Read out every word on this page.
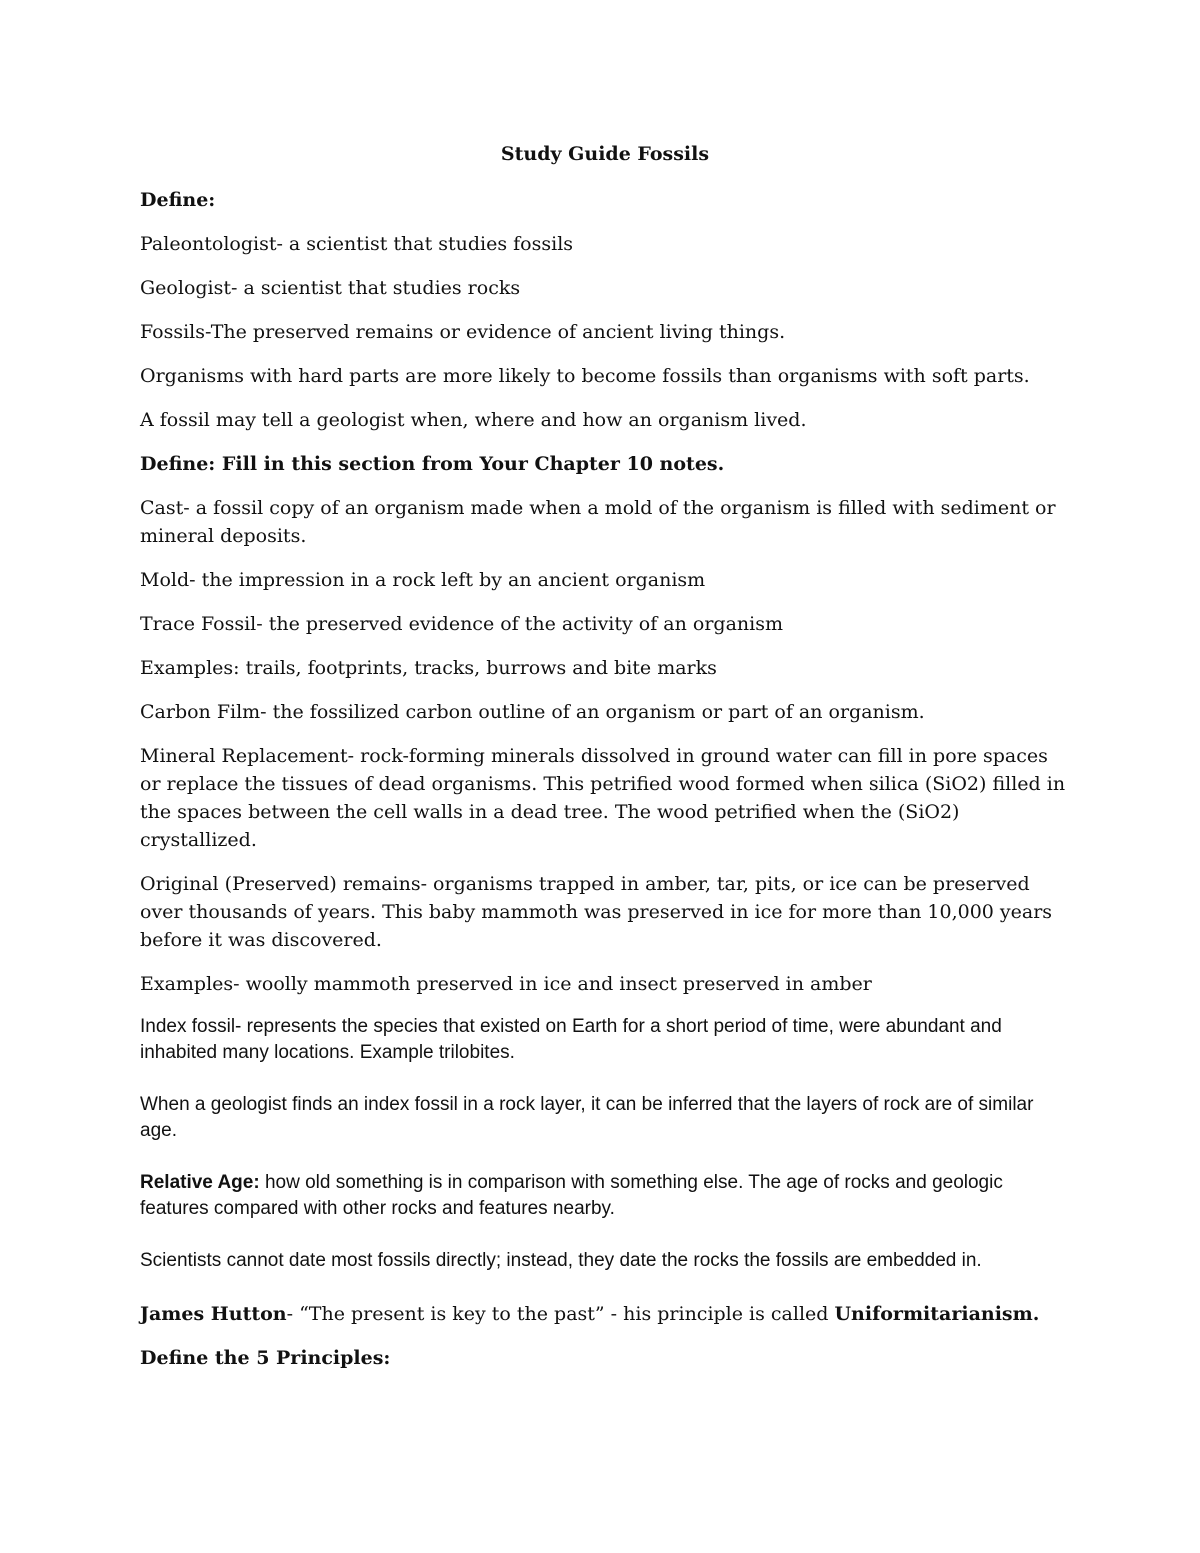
Study Guide Fossils
Define:
Paleontologist- a scientist that studies fossils
Geologist- a scientist that studies rocks
Fossils-The preserved remains or evidence of ancient living things.
Organisms with hard parts are more likely to become fossils than organisms with soft parts.
A fossil may tell a geologist when, where and how an organism lived.
Define: Fill in this section from Your Chapter 10 notes.
Cast- a fossil copy of an organism made when a mold of the organism is filled with sediment or mineral deposits.
Mold- the impression in a rock left by an ancient organism
Trace Fossil- the preserved evidence of the activity of an organism
Examples: trails, footprints, tracks, burrows and bite marks
Carbon Film- the fossilized carbon outline of an organism or part of an organism.
Mineral Replacement- rock-forming minerals dissolved in ground water can fill in pore spaces or replace the tissues of dead organisms. This petrified wood formed when silica (SiO2) filled in the spaces between the cell walls in a dead tree. The wood petrified when the (SiO2) crystallized.
Original (Preserved) remains- organisms trapped in amber, tar, pits, or ice can be preserved over thousands of years. This baby mammoth was preserved in ice for more than 10,000 years before it was discovered.
Examples- woolly mammoth preserved in ice and insect preserved in amber
Index fossil- represents the species that existed on Earth for a short period of time, were abundant and inhabited many locations. Example trilobites.
When a geologist finds an index fossil in a rock layer, it can be inferred that the layers of rock are of similar age.
Relative Age: how old something is in comparison with something else. The age of rocks and geologic features compared with other rocks and features nearby.
Scientists cannot date most fossils directly; instead, they date the rocks the fossils are embedded in.
James Hutton- “The present is key to the past” - his principle is called Uniformitarianism.
Define the 5 Principles:
